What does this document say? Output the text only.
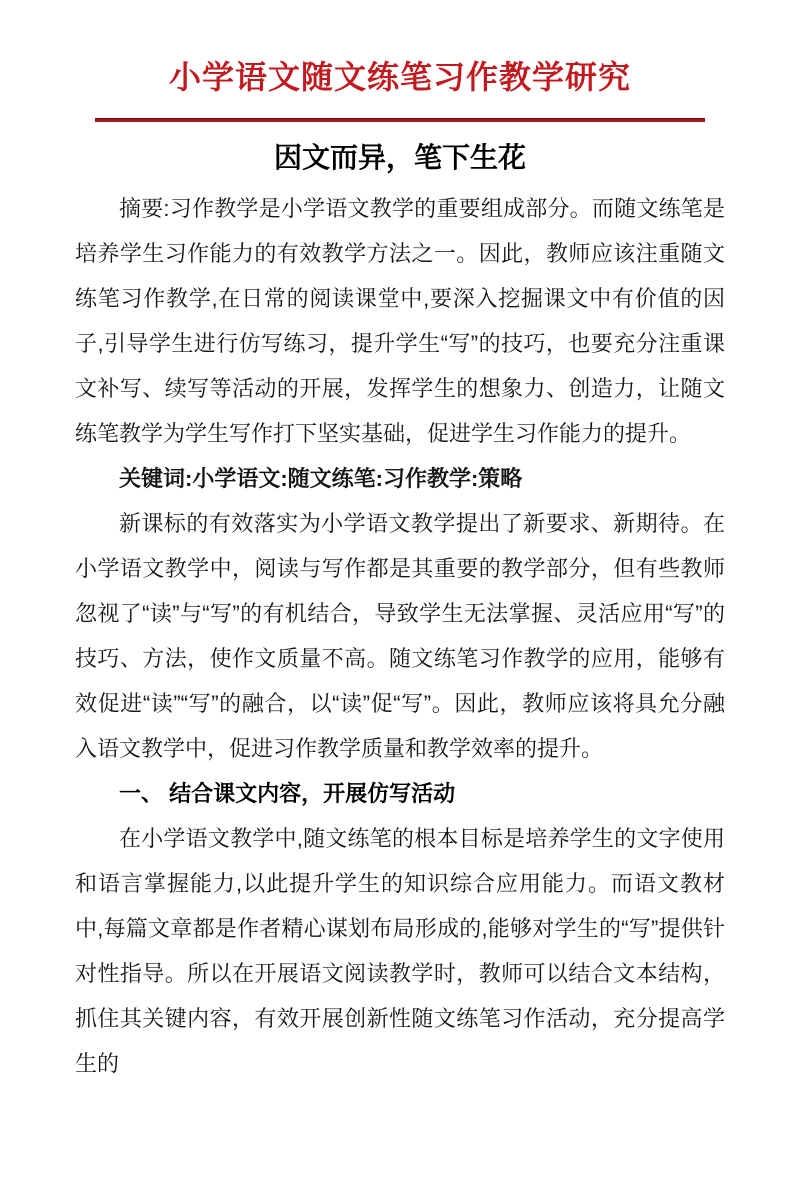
小学语文随文练笔习作教学研究
因文而异，笔下生花

摘要:习作教学是小学语文教学的重要组成部分。而随文练笔是培养学生习作能力的有效教学方法之一。因此，教师应该注重随文练笔习作教学,在日常的阅读课堂中,要深入挖掘课文中有价值的因子,引导学生进行仿写练习，提升学生“写”的技巧，也要充分注重课文补写、续写等活动的开展，发挥学生的想象力、创造力，让随文练笔教学为学生写作打下坚实基础，促进学生习作能力的提升。

关键词:小学语文:随文练笔:习作教学:策略

新课标的有效落实为小学语文教学提出了新要求、新期待。在小学语文教学中，阅读与写作都是其重要的教学部分，但有些教师忽视了“读”与“写”的有机结合，导致学生无法掌握、灵活应用“写”的技巧、方法，使作文质量不高。随文练笔习作教学的应用，能够有效促进“读”“写”的融合，以“读”促“写”。因此，教师应该将具允分融入语文教学中，促进习作教学质量和教学效率的提升。

一、 结合课文内容，开展仿写活动

在小学语文教学中,随文练笔的根本目标是培养学生的文字使用和语言掌握能力,以此提升学生的知识综合应用能力。而语文教材中,每篇文章都是作者精心谋划布局形成的,能够对学生的“写”提供针对性指导。所以在开展语文阅读教学时，教师可以结合文本结构，抓住其关键内容，有效开展创新性随文练笔习作活动，充分提高学生的
